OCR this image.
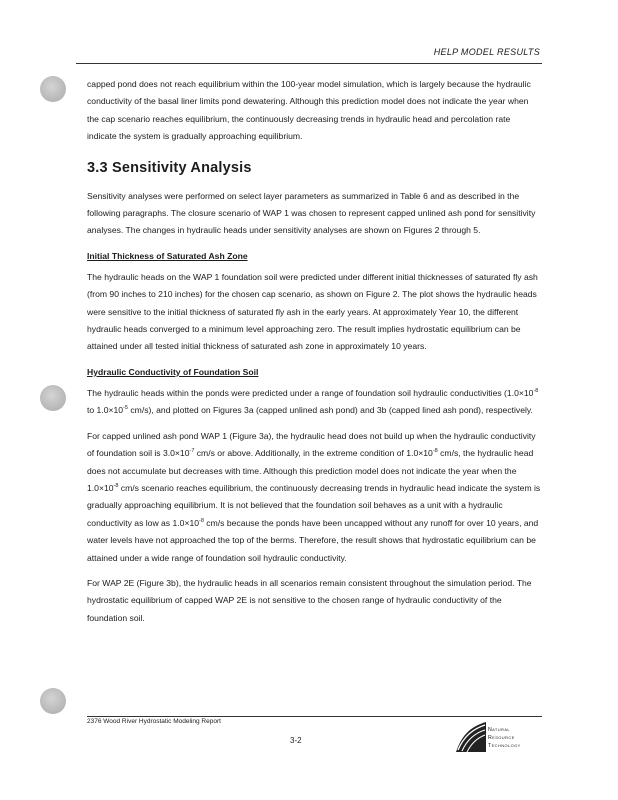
HELP MODEL RESULTS

capped pond does not reach equilibrium within the 100-year model simulation, which is largely because the hydraulic conductivity of the basal liner limits pond dewatering. Although this prediction model does not indicate the year when the cap scenario reaches equilibrium, the continuously decreasing trends in hydraulic head and percolation rate indicate the system is gradually approaching equilibrium.

3.3 Sensitivity Analysis

Sensitivity analyses were performed on select layer parameters as summarized in Table 6 and as described in the following paragraphs. The closure scenario of WAP 1 was chosen to represent capped unlined ash pond for sensitivity analyses. The changes in hydraulic heads under sensitivity analyses are shown on Figures 2 through 5.

Initial Thickness of Saturated Ash Zone

The hydraulic heads on the WAP 1 foundation soil were predicted under different initial thicknesses of saturated fly ash (from 90 inches to 210 inches) for the chosen cap scenario, as shown on Figure 2. The plot shows the hydraulic heads were sensitive to the initial thickness of saturated fly ash in the early years. At approximately Year 10, the different hydraulic heads converged to a minimum level approaching zero. The result implies hydrostatic equilibrium can be attained under all tested initial thickness of saturated ash zone in approximately 10 years.

Hydraulic Conductivity of Foundation Soil

The hydraulic heads within the ponds were predicted under a range of foundation soil hydraulic conductivities ($1.0\times 10^{-8}$ to $1.0\times 10^{-5}$ cm/s), and plotted on Figures 3a (capped unlined ash pond) and 3b (capped lined ash pond), respectively.

For capped unlined ash pond WAP 1 (Figure 3a), the hydraulic head does not build up when the hydraulic conductivity of foundation soil is $3.0\times 10^{-7}$ cm/s or above. Additionally, in the extreme condition of $1.0\times 10^{-8}$ cm/s, the hydraulic head does not accumulate but decreases with time. Although this prediction model does not indicate the year when the $1.0\times 10^{-8}$ cm/s scenario reaches equilibrium, the continuously decreasing trends in hydraulic head indicate the system is gradually approaching equilibrium. It is not believed that the foundation soil behaves as a unit with a hydraulic conductivity as low as $1.0\times 10^{-8}$ cm/s because the ponds have been uncapped without any runoff for over 10 years, and water levels have not approached the top of the berms. Therefore, the result shows that hydrostatic equilibrium can be attained under a wide range of foundation soil hydraulic conductivity.

For WAP 2E (Figure 3b), the hydraulic heads in all scenarios remain consistent throughout the simulation period. The hydrostatic equilibrium of capped WAP 2E is not sensitive to the chosen range of hydraulic conductivity of the foundation soil.

2376 Wood River Hydrostatic Modeling Report
3-2
Natural
Resource
Technology
